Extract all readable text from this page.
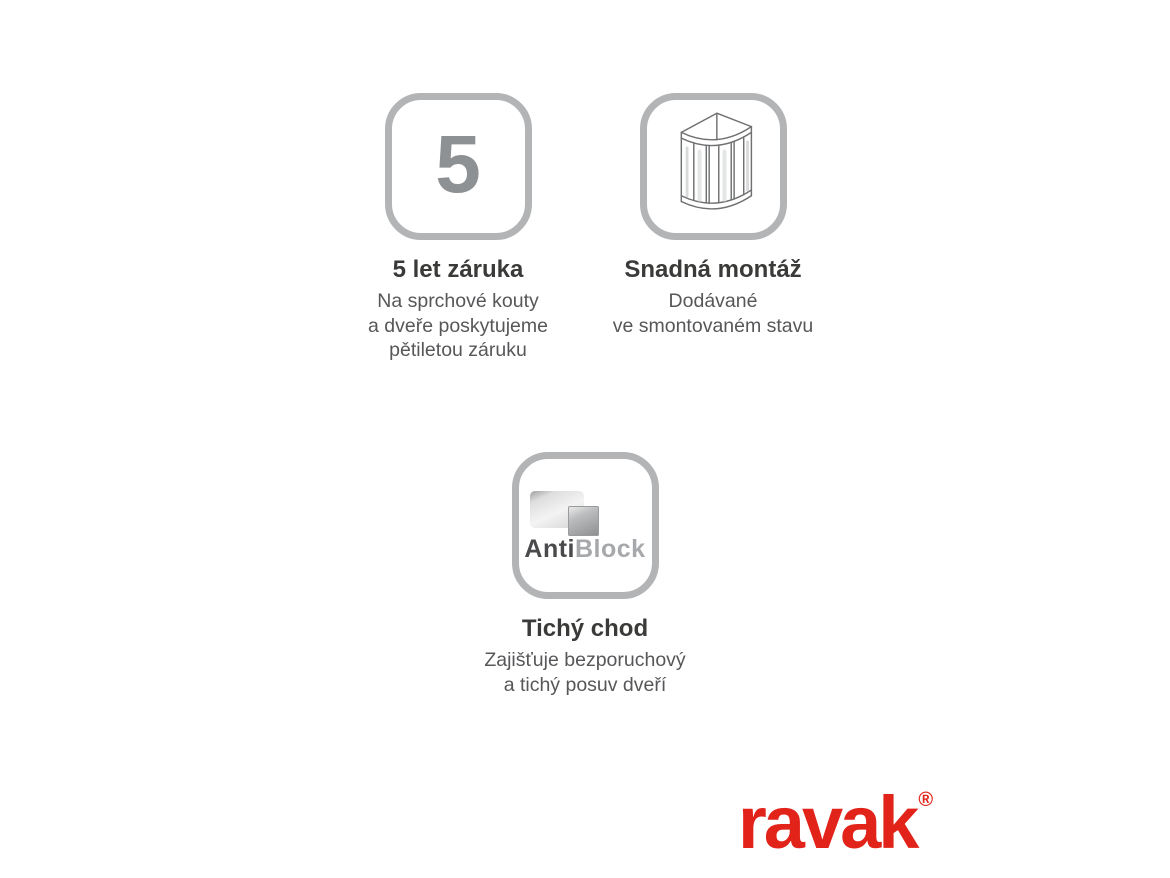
5
5 let záruka

Na sprchové kouty

a dveře poskytujeme

pětiletou záruku

Snadná montáž

Dodávané

ve smontovaném stavu

AntiBlock
Tichý chod

Zajišťuje bezporuchový

a tichý posuv dveří

ravak ®
